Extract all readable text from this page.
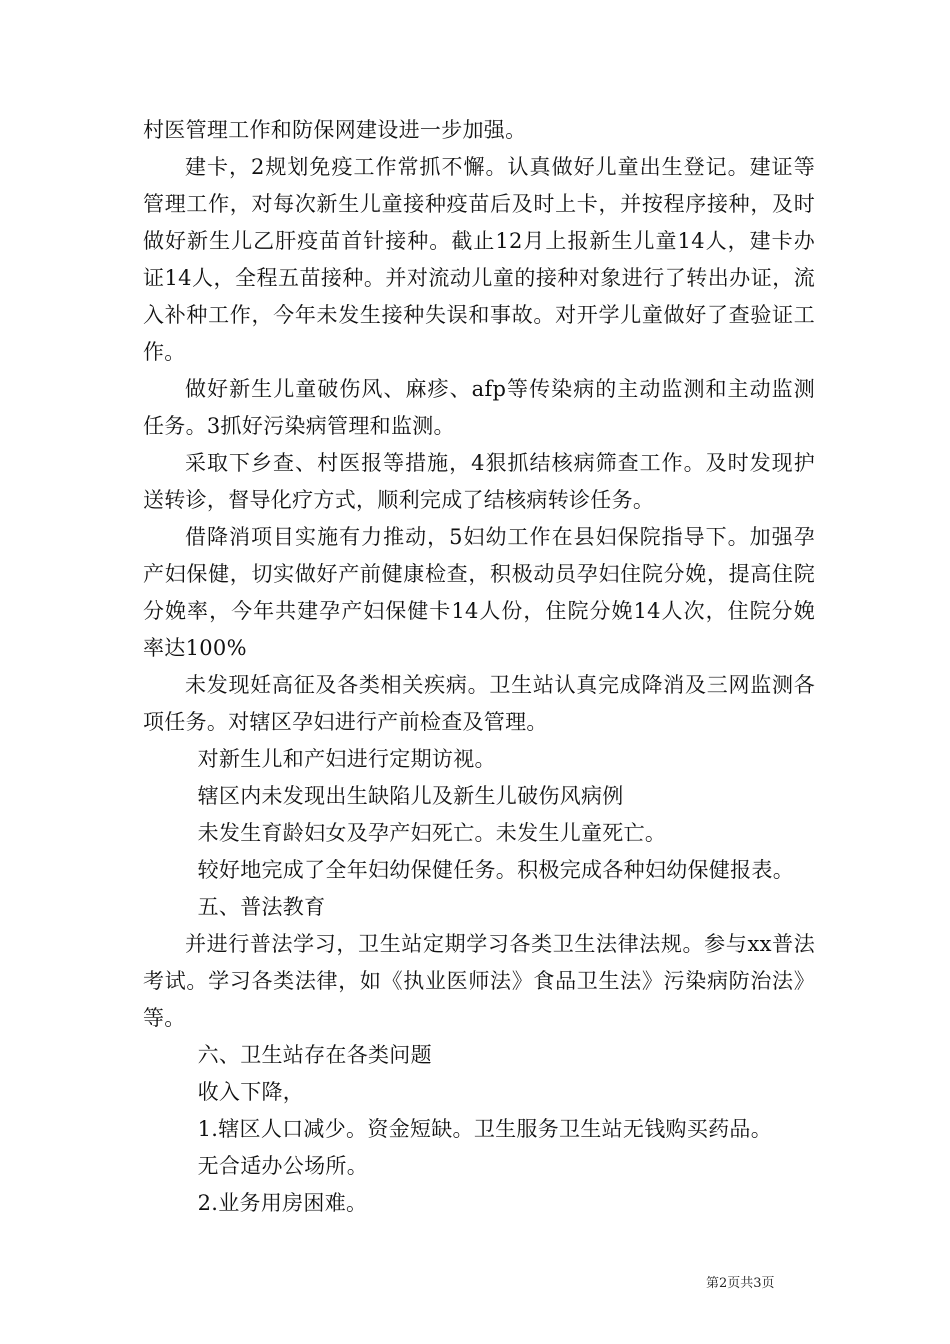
村医管理工作和防保网建设进一步加强。

建卡，2规划免疫工作常抓不懈。认真做好儿童出生登记。建证等管理工作，对每次新生儿童接种疫苗后及时上卡，并按程序接种，及时做好新生儿乙肝疫苗首针接种。截止12月上报新生儿童14人，建卡办证14人，全程五苗接种。并对流动儿童的接种对象进行了转出办证，流入补种工作，今年未发生接种失误和事故。对开学儿童做好了查验证工作。

做好新生儿童破伤风、麻疹、afp等传染病的主动监测和主动监测任务。3抓好污染病管理和监测。

采取下乡查、村医报等措施，4狠抓结核病筛查工作。及时发现护送转诊，督导化疗方式，顺利完成了结核病转诊任务。

借降消项目实施有力推动，5妇幼工作在县妇保院指导下。加强孕产妇保健，切实做好产前健康检查，积极动员孕妇住院分娩，提高住院分娩率，今年共建孕产妇保健卡14人份，住院分娩14人次，住院分娩率达100%

未发现妊高征及各类相关疾病。卫生站认真完成降消及三网监测各项任务。对辖区孕妇进行产前检查及管理。

对新生儿和产妇进行定期访视。

辖区内未发现出生缺陷儿及新生儿破伤风病例

未发生育龄妇女及孕产妇死亡。未发生儿童死亡。

较好地完成了全年妇幼保健任务。积极完成各种妇幼保健报表。

五、普法教育

并进行普法学习，卫生站定期学习各类卫生法律法规。参与xx普法考试。学习各类法律，如《执业医师法》食品卫生法》污染病防治法》等。

六、卫生站存在各类问题

收入下降，

1.辖区人口减少。资金短缺。卫生服务卫生站无钱购买药品。

无合适办公场所。

2.业务用房困难。

第2页共3页
